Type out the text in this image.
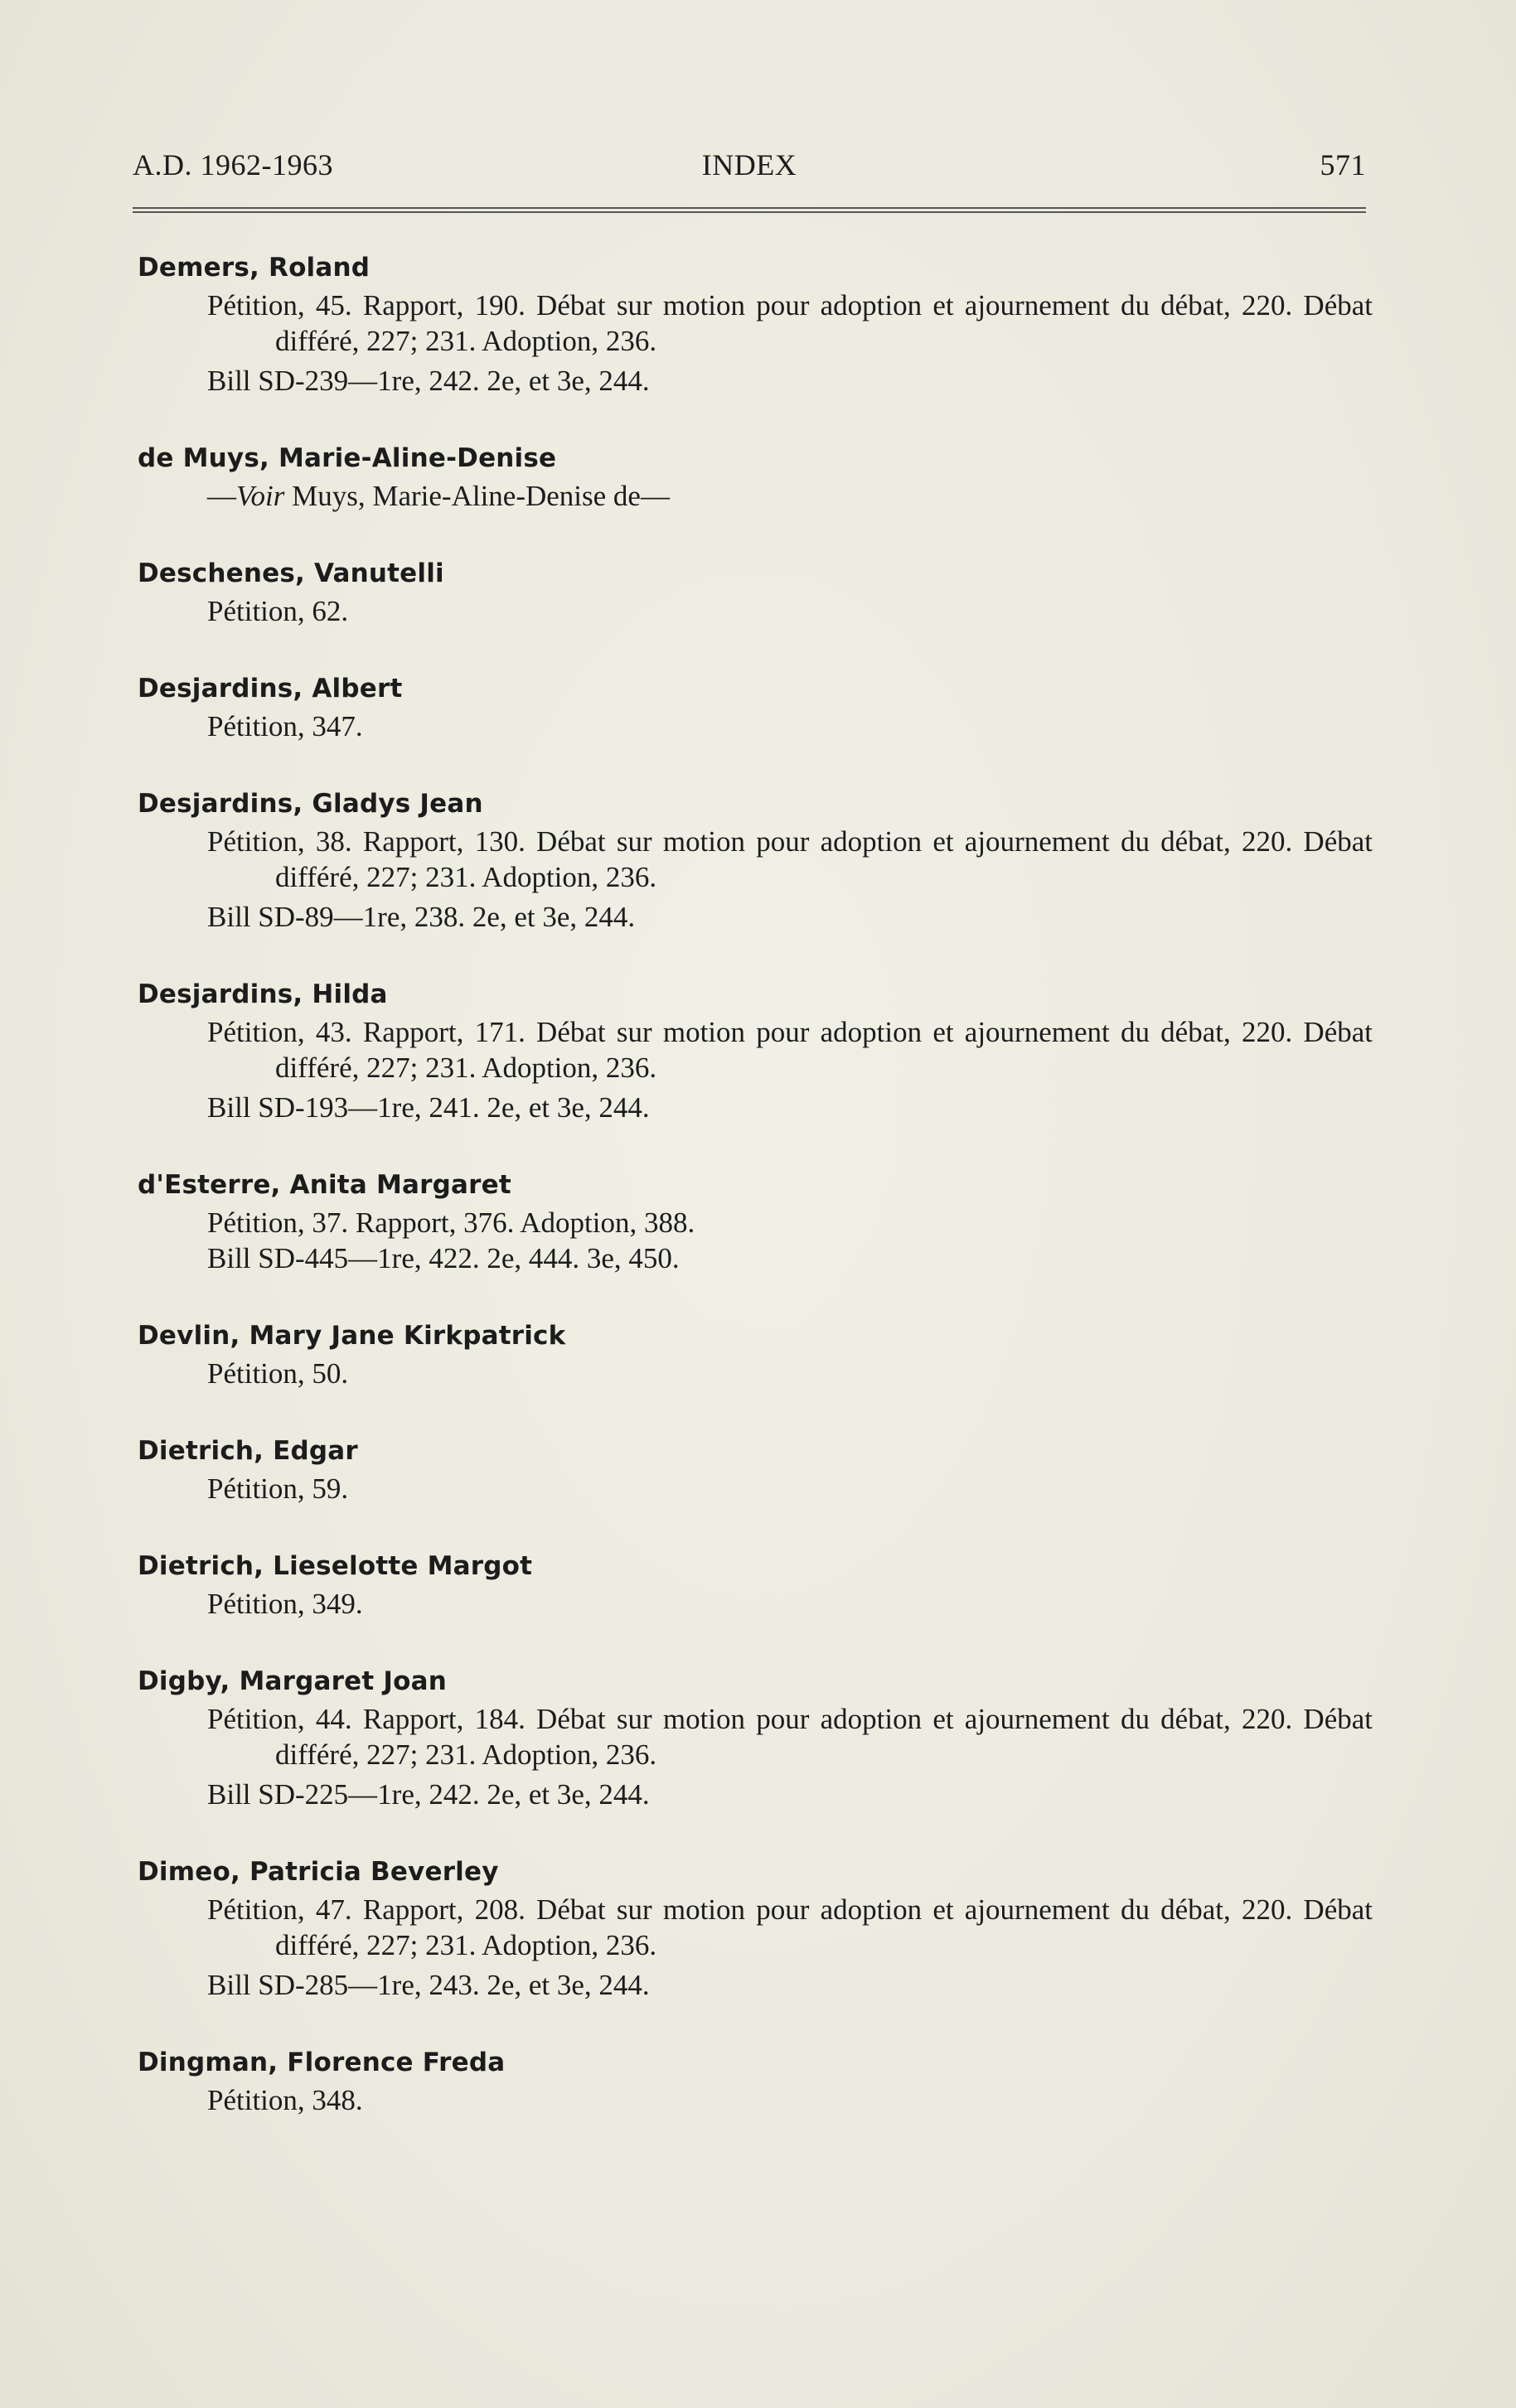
A.D. 1962-1963	INDEX	571
Demers, Roland
Pétition, 45. Rapport, 190. Débat sur motion pour adoption et ajournement du débat, 220. Débat différé, 227; 231. Adoption, 236.
Bill SD-239—1re, 242. 2e, et 3e, 244.
de Muys, Marie-Aline-Denise
—Voir Muys, Marie-Aline-Denise de—
Deschenes, Vanutelli
Pétition, 62.
Desjardins, Albert
Pétition, 347.
Desjardins, Gladys Jean
Pétition, 38. Rapport, 130. Débat sur motion pour adoption et ajournement du débat, 220. Débat différé, 227; 231. Adoption, 236.
Bill SD-89—1re, 238. 2e, et 3e, 244.
Desjardins, Hilda
Pétition, 43. Rapport, 171. Débat sur motion pour adoption et ajournement du débat, 220. Débat différé, 227; 231. Adoption, 236.
Bill SD-193—1re, 241. 2e, et 3e, 244.
d'Esterre, Anita Margaret
Pétition, 37. Rapport, 376. Adoption, 388.
Bill SD-445—1re, 422. 2e, 444. 3e, 450.
Devlin, Mary Jane Kirkpatrick
Pétition, 50.
Dietrich, Edgar
Pétition, 59.
Dietrich, Lieselotte Margot
Pétition, 349.
Digby, Margaret Joan
Pétition, 44. Rapport, 184. Débat sur motion pour adoption et ajournement du débat, 220. Débat différé, 227; 231. Adoption, 236.
Bill SD-225—1re, 242. 2e, et 3e, 244.
Dimeo, Patricia Beverley
Pétition, 47. Rapport, 208. Débat sur motion pour adoption et ajournement du débat, 220. Débat différé, 227; 231. Adoption, 236.
Bill SD-285—1re, 243. 2e, et 3e, 244.
Dingman, Florence Freda
Pétition, 348.
